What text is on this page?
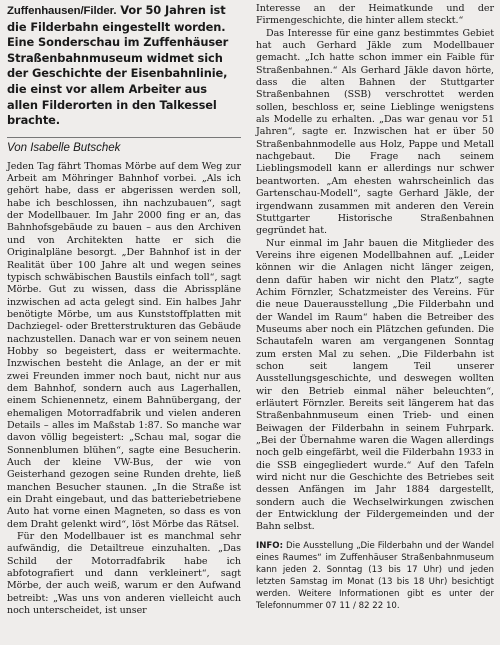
Zuffenhausen/Filder. Vor 50 Jahren ist die Filderbahn eingestellt worden. Eine Sonderschau im Zuffenhäuser Straßenbahnmuseum widmet sich der Geschichte der Eisenbahnlinie, die einst vor allem Arbeiter aus allen Filderorten in den Talkessel brachte.

Von Isabelle Butschek

Jeden Tag fährt Thomas Mörbe auf dem Weg zur Arbeit am Möhringer Bahnhof vorbei. „Als ich gehört habe, dass er abgerissen werden soll, habe ich beschlossen, ihn nachzubauen“, sagt der Modellbauer. Im Jahr 2000 fing er an, das Bahnhofsgebäude zu bauen – aus den Archiven und von Architekten hatte er sich die Originalpläne besorgt. „Der Bahnhof ist in der Realität über 100 Jahre alt und wegen seines typisch schwäbischen Baustils einfach toll“, sagt Mörbe. Gut zu wissen, dass die Abrisspläne inzwischen ad acta gelegt sind. Ein halbes Jahr benötigte Mörbe, um aus Kunststoffplatten mit Dachziegel- oder Bretterstrukturen das Gebäude nachzustellen. Danach war er von seinem neuen Hobby so begeistert, dass er weitermachte. Inzwischen besteht die Anlage, an der er mit zwei Freunden immer noch baut, nicht nur aus dem Bahnhof, sondern auch aus Lagerhallen, einem Schienennetz, einem Bahnübergang, der ehemaligen Motorradfabrik und vielen anderen Details – alles im Maßstab 1:87. So manche war davon völlig begeistert: „Schau mal, sogar die Sonnenblumen blühen“, sagte eine Besucherin. Auch der kleine VW-Bus, der wie von Geisterhand gezogen seine Runden drehte, ließ manchen Besucher staunen. „In die Straße ist ein Draht eingebaut, und das batteriebetriebene Auto hat vorne einen Magneten, so dass es von dem Draht gelenkt wird“, löst Mörbe das Rätsel.

Für den Modellbauer ist es manchmal sehr aufwändig, die Detailtreue einzuhalten. „Das Schild der Motorradfabrik habe ich abfotografiert und dann verkleinert“, sagt Mörbe, der auch weiß, warum er den Aufwand betreibt: „Was uns von anderen vielleicht auch noch unterscheidet, ist unser

Interesse an der Heimatkunde und der Firmengeschichte, die hinter allem steckt.“

Das Interesse für eine ganz bestimmtes Gebiet hat auch Gerhard Jäkle zum Modellbauer gemacht. „Ich hatte schon immer ein Faible für Straßenbahnen.“ Als Gerhard Jäkle davon hörte, dass die alten Bahnen der Stuttgarter Straßenbahnen (SSB) verschrottet werden sollen, beschloss er, seine Lieblinge wenigstens als Modelle zu erhalten. „Das war genau vor 51 Jahren“, sagte er. Inzwischen hat er über 50 Straßenbahnmodelle aus Holz, Pappe und Metall nachgebaut. Die Frage nach seinem Lieblingsmodell kann er allerdings nur schwer beantworten. „Am ehesten wahrscheinlich das Gartenschau-Modell“, sagte Gerhard Jäkle, der irgendwann zusammen mit anderen den Verein Stuttgarter Historische Straßenbahnen gegründet hat.

Nur einmal im Jahr bauen die Mitglieder des Vereins ihre eigenen Modellbahnen auf. „Leider können wir die Anlagen nicht länger zeigen, denn dafür haben wir nicht den Platz“, sagte Achim Förnzler, Schatzmeister des Vereins. Für die neue Dauerausstellung „Die Filderbahn und der Wandel im Raum“ haben die Betreiber des Museums aber noch ein Plätzchen gefunden. Die Schautafeln waren am vergangenen Sonntag zum ersten Mal zu sehen. „Die Filderbahn ist schon seit langem Teil unserer Ausstellungsgeschichte, und deswegen wollten wir den Betrieb einmal näher beleuchten“, erläutert Förnzler. Bereits seit längerem hat das Straßenbahnmuseum einen Trieb- und einen Beiwagen der Filderbahn in seinem Fuhrpark. „Bei der Übernahme waren die Wagen allerdings noch gelb eingefärbt, weil die Filderbahn 1933 in die SSB eingegliedert wurde.“ Auf den Tafeln wird nicht nur die Geschichte des Betriebes seit dessen Anfängen im Jahr 1884 dargestellt, sondern auch die Wechselwirkungen zwischen der Entwicklung der Fildergemeinden und der Bahn selbst.

INFO: Die Ausstellung „Die Filderbahn und der Wandel eines Raumes“ im Zuffenhäuser Straßenbahnmuseum kann jeden 2. Sonntag (13 bis 17 Uhr) und jeden letzten Samstag im Monat (13 bis 18 Uhr) besichtigt werden. Weitere Informationen gibt es unter der Telefonnummer 07 11 / 82 22 10.
